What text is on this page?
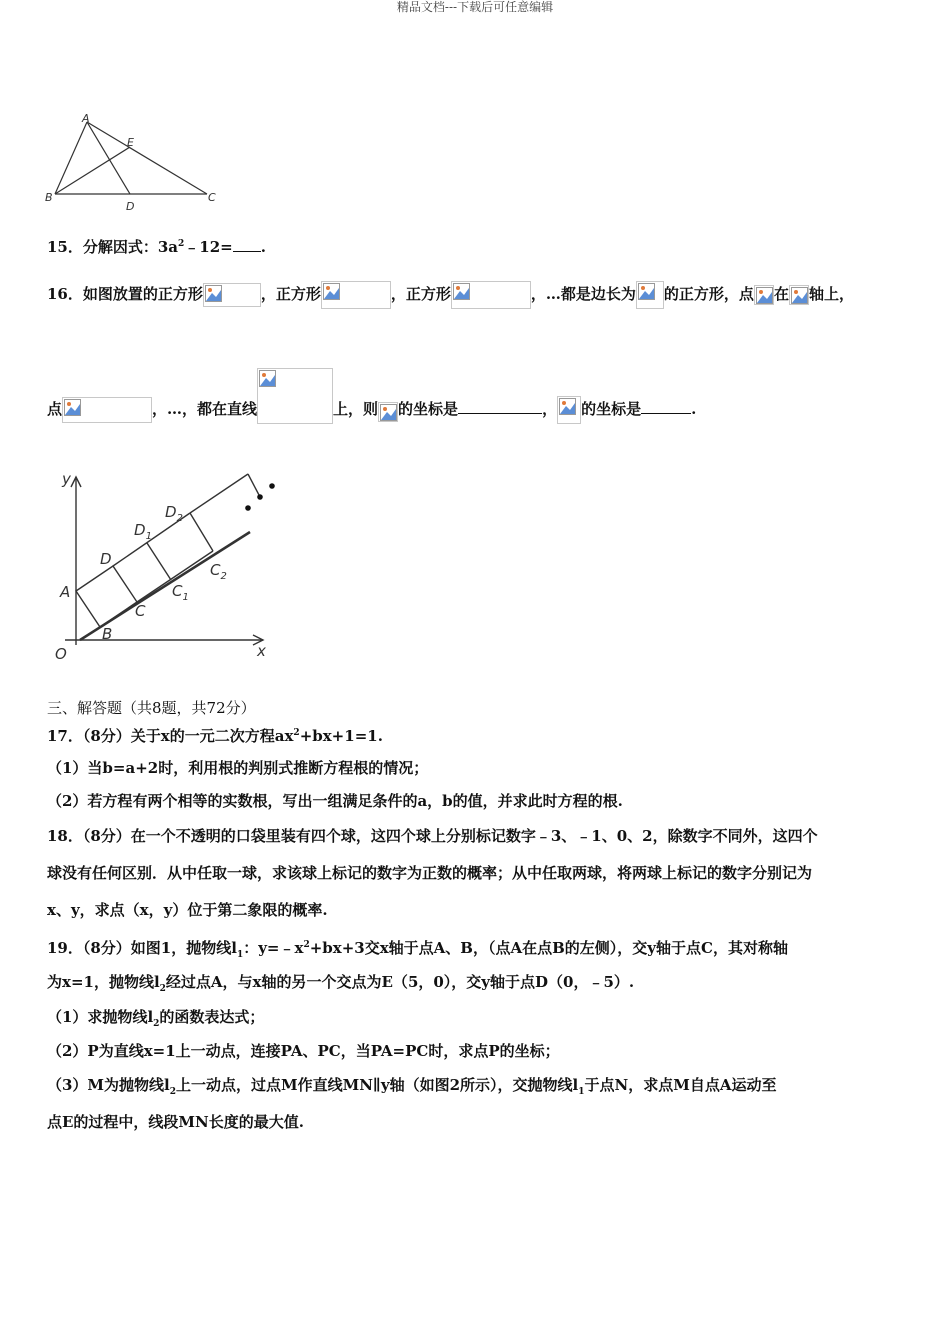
精品文档---下载后可任意编辑
A
E
B
D
C
15．分解因式：$3a^2﹣12=$ .
16．如图放置的正方形	，正方形	，正方形	，…都是边长为 的正方形，点 在 轴上，
点	，…，都在直线	上，则 的坐标是	， 的坐标是	.
y
x
O
A
B
C
D
$C_1$
$D_1$
$C_2$
$D_2$
三、解答题（共8题，共72分）
17．（8分）关于x的一元二次方程$ax^2+bx+1=1$.
（1）当b=a+2时，利用根的判别式推断方程根的情况；
（2）若方程有两个相等的实数根，写出一组满足条件的a，b的值，并求此时方程的根.
18．（8分）在一个不透明的口袋里装有四个球，这四个球上分别标记数字﹣3、﹣1、0、2，除数字不同外，这四个
球没有任何区别．从中任取一球，求该球上标记的数字为正数的概率；从中任取两球，将两球上标记的数字分别记为
x、y，求点（x，y）位于第二象限的概率.
19．（8分）如图1，抛物线$l_1$：$y=﹣x^2+bx+3$交x轴于点A、B，（点A在点B的左侧），交y轴于点C，其对称轴
为x=1，抛物线$l_2$经过点A，与x轴的另一个交点为E（5，0），交y轴于点D（0，﹣5）.
（1）求抛物线$l_2$的函数表达式；
（2）P为直线x=1上一动点，连接PA、PC，当PA=PC时，求点P的坐标；
（3）M为抛物线$l_2$上一动点，过点M作直线MN∥y轴（如图2所示），交抛物线$l_1$于点N，求点M自点A运动至
点E的过程中，线段MN长度的最大值.
